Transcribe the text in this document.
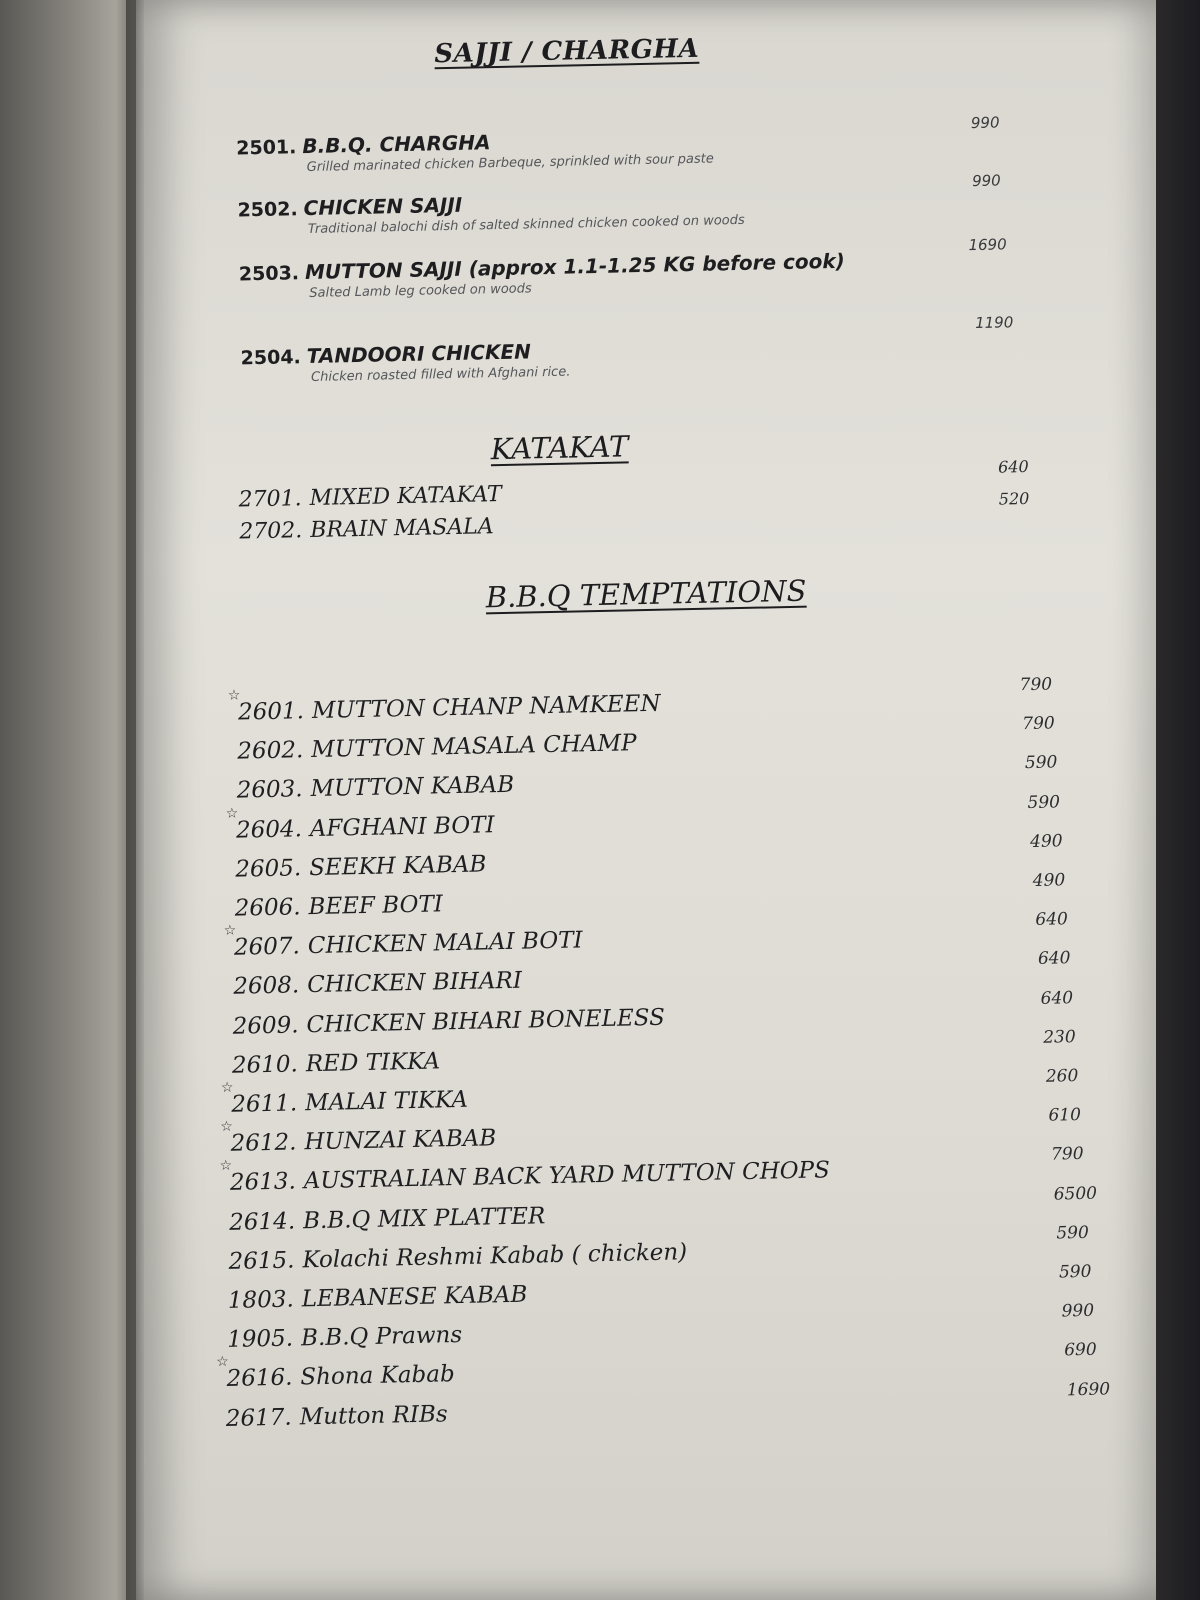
SAJJI / CHARGHA
2501. B.B.Q. CHARGHA
Grilled marinated chicken Barbeque, sprinkled with sour paste
990
2502. CHICKEN SAJJI
Traditional balochi dish of salted skinned chicken cooked on woods
990
2503. MUTTON SAJJI (approx 1.1-1.25 KG before cook)
Salted Lamb leg cooked on woods
1690
2504. TANDOORI CHICKEN
Chicken roasted filled with Afghani rice.
1190
KATAKAT
2701. MIXED KATAKAT
640
2702. BRAIN MASALA
520
B.B.Q TEMPTATIONS
☆
2601. MUTTON CHANP NAMKEEN
790
2602. MUTTON MASALA CHAMP
790
2603. MUTTON KABAB
590
☆
2604. AFGHANI BOTI
590
2605. SEEKH KABAB
490
2606. BEEF BOTI
490
☆
2607. CHICKEN MALAI BOTI
640
2608. CHICKEN BIHARI
640
2609. CHICKEN BIHARI BONELESS
640
2610. RED TIKKA
230
☆
2611. MALAI TIKKA
260
☆
2612. HUNZAI KABAB
610
☆
2613. AUSTRALIAN BACK YARD MUTTON CHOPS
790
2614. B.B.Q MIX PLATTER
6500
2615. Kolachi Reshmi Kabab ( chicken)
590
1803. LEBANESE KABAB
590
1905. B.B.Q Prawns
990
☆
2616. Shona Kabab
690
2617. Mutton RIBs
1690
